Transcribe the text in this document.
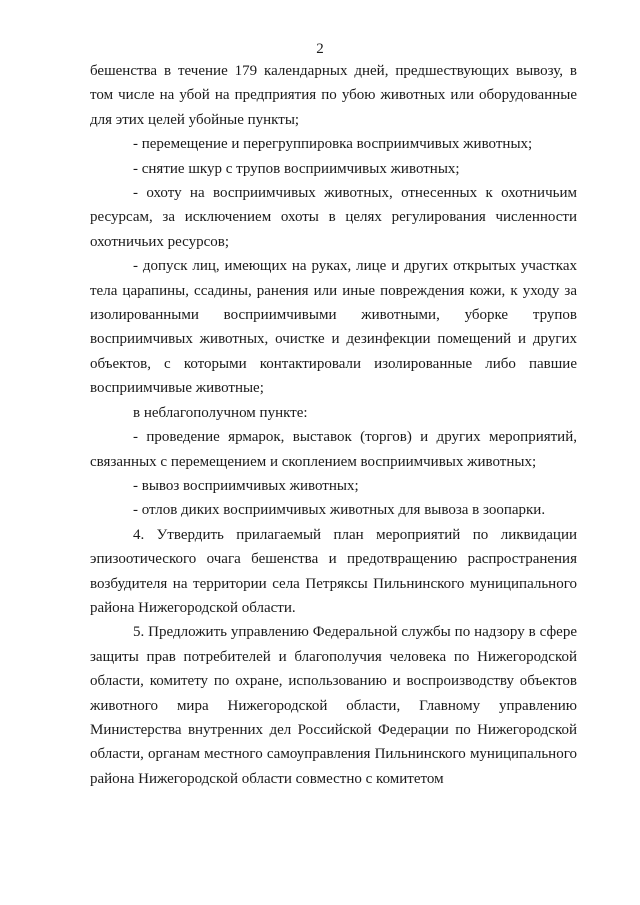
2

бешенства в течение 179 календарных дней, предшествующих вывозу, в том числе на убой на предприятия по убою животных или оборудованные для этих целей убойные пункты;

- перемещение и перегруппировка восприимчивых животных;

- снятие шкур с трупов восприимчивых животных;

- охоту на восприимчивых животных, отнесенных к охотничьим ресурсам, за исключением охоты в целях регулирования численности охотничьих ресурсов;

- допуск лиц, имеющих на руках, лице и других открытых участках тела царапины, ссадины, ранения или иные повреждения кожи, к уходу за изолированными восприимчивыми животными, уборке трупов восприимчивых животных, очистке и дезинфекции помещений и других объектов, с которыми контактировали изолированные либо павшие восприимчивые животные;

в неблагополучном пункте:

- проведение ярмарок, выставок (торгов) и других мероприятий, связанных с перемещением и скоплением восприимчивых животных;

- вывоз восприимчивых животных;

- отлов диких восприимчивых животных для вывоза в зоопарки.

4. Утвердить прилагаемый план мероприятий по ликвидации эпизоотического очага бешенства и предотвращению распространения возбудителя на территории села Петряксы Пильнинского муниципального района Нижегородской области.

5. Предложить управлению Федеральной службы по надзору в сфере защиты прав потребителей и благополучия человека по Нижегородской области, комитету по охране, использованию и воспроизводству объектов животного мира Нижегородской области, Главному управлению Министерства внутренних дел Российской Федерации по Нижегородской области, органам местного самоуправления Пильнинского муниципального района Нижегородской области совместно с комитетом
